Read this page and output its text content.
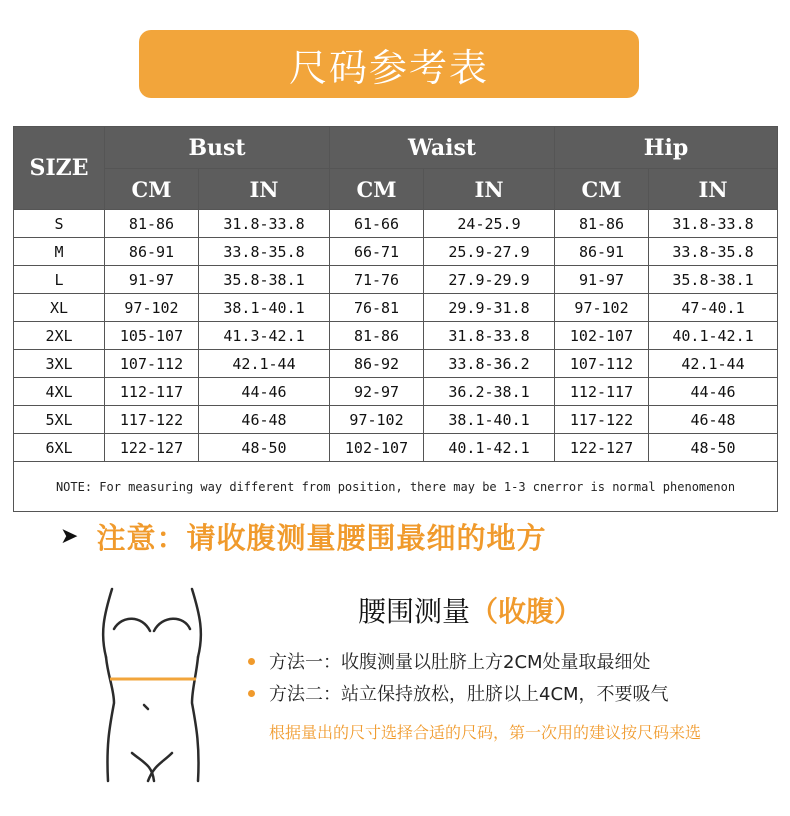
尺码参考表
SIZE	Bust		Waist		Hip	
	CM	IN	CM	IN	CM	IN
S	81-86	31.8-33.8	61-66	24-25.9	81-86	31.8-33.8
M	86-91	33.8-35.8	66-71	25.9-27.9	86-91	33.8-35.8
L	91-97	35.8-38.1	71-76	27.9-29.9	91-97	35.8-38.1
XL	97-102	38.1-40.1	76-81	29.9-31.8	97-102	47-40.1
2XL	105-107	41.3-42.1	81-86	31.8-33.8	102-107	40.1-42.1
3XL	107-112	42.1-44	86-92	33.8-36.2	107-112	42.1-44
4XL	112-117	44-46	92-97	36.2-38.1	112-117	44-46
5XL	117-122	46-48	97-102	38.1-40.1	117-122	46-48
6XL	122-127	48-50	102-107	40.1-42.1	122-127	48-50
NOTE: For measuring way different from position, there may be 1-3 cnerror is normal phenomenon						
➤ 注意：请收腹测量腰围最细的地方
腰围测量（收腹）
方法一：收腹测量以肚脐上方2CM处量取最细处
方法二：站立保持放松，肚脐以上4CM，不要吸气
根据量出的尺寸选择合适的尺码，第一次用的建议按尺码来选
